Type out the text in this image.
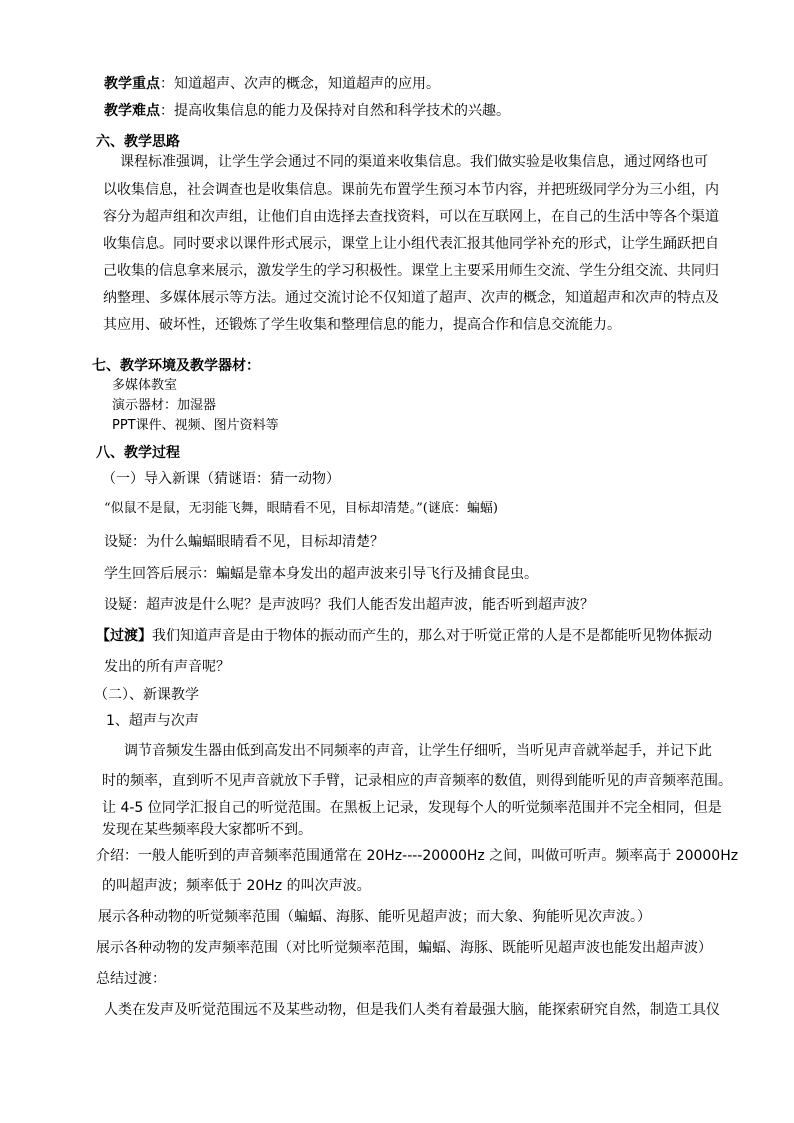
教学重点：知道超声、次声的概念，知道超声的应用。
教学难点：提高收集信息的能力及保持对自然和科学技术的兴趣。
六、教学思路
课程标准强调，让学生学会通过不同的渠道来收集信息。我们做实验是收集信息，通过网络也可
以收集信息，社会调查也是收集信息。课前先布置学生预习本节内容，并把班级同学分为三小组，内
容分为超声组和次声组，让他们自由选择去查找资料，可以在互联网上，在自己的生活中等各个渠道
收集信息。同时要求以课件形式展示，课堂上让小组代表汇报其他同学补充的形式，让学生踊跃把自
己收集的信息拿来展示，激发学生的学习积极性。课堂上主要采用师生交流、学生分组交流、共同归
纳整理、多媒体展示等方法。通过交流讨论不仅知道了超声、次声的概念，知道超声和次声的特点及
其应用、破坏性，还锻炼了学生收集和整理信息的能力，提高合作和信息交流能力。
七、教学环境及教学器材：
多媒体教室
演示器材：加湿器
PPT课件、视频、图片资料等
八、教学过程
（一）导入新课（猜谜语：猜一动物）
“似鼠不是鼠，无羽能飞舞，眼睛看不见，目标却清楚。”(谜底：蝙蝠)
设疑：为什么蝙蝠眼睛看不见，目标却清楚？
学生回答后展示：蝙蝠是靠本身发出的超声波来引导飞行及捕食昆虫。
设疑：超声波是什么呢？是声波吗？我们人能否发出超声波，能否听到超声波？
【过渡】我们知道声音是由于物体的振动而产生的，那么对于听觉正常的人是不是都能听见物体振动
发出的所有声音呢？
（二）、新课教学
1、超声与次声
调节音频发生器由低到高发出不同频率的声音，让学生仔细听，当听见声音就举起手，并记下此
时的频率，直到听不见声音就放下手臂，记录相应的声音频率的数值，则得到能听见的声音频率范围。
让 4-5 位同学汇报自己的听觉范围。在黑板上记录，发现每个人的听觉频率范围并不完全相同，但是
发现在某些频率段大家都听不到。
介绍：一般人能听到的声音频率范围通常在 20Hz----20000Hz 之间，叫做可听声。频率高于 20000Hz
的叫超声波；频率低于 20Hz 的叫次声波。
展示各种动物的听觉频率范围（蝙蝠、海豚、能听见超声波；而大象、狗能听见次声波。）
展示各种动物的发声频率范围（对比听觉频率范围，蝙蝠、海豚、既能听见超声波也能发出超声波）
总结过渡：
人类在发声及听觉范围远不及某些动物，但是我们人类有着最强大脑，能探索研究自然，制造工具仪
